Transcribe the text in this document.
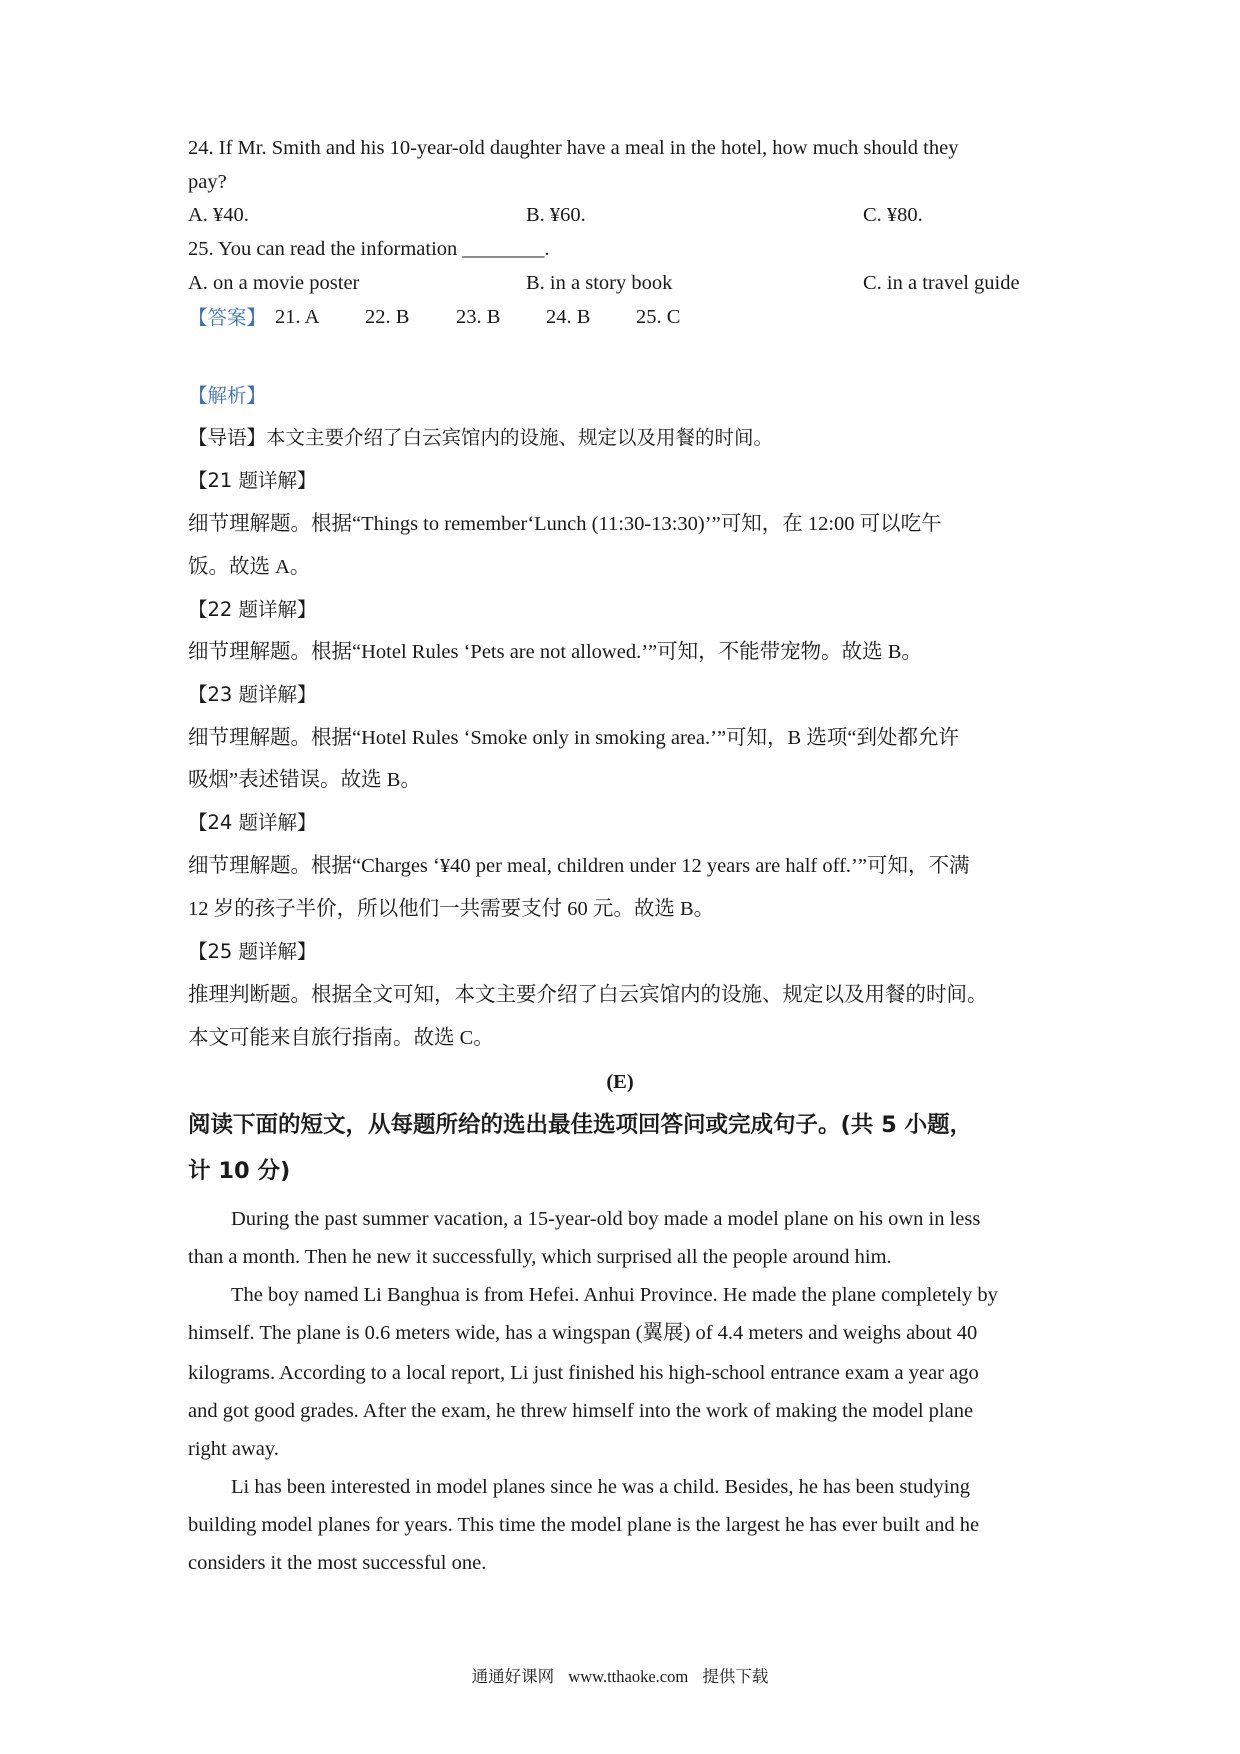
24. If Mr. Smith and his 10-year-old daughter have a meal in the hotel, how much should they
pay?
A. ¥40.	B. ¥60.	C. ¥80.
25. You can read the information ________.
A. on a movie poster	B. in a story book	C. in a travel guide
【答案】 21. A 22. B 23. B 24. B 25. C
【解析】
【导语】本文主要介绍了白云宾馆内的设施、规定以及用餐的时间。
【21 题详解】
细节理解题。根据“Things to remember‘Lunch (11:30-13:30)’”可知，在 12:00 可以吃午
饭。故选 A。
【22 题详解】
细节理解题。根据“Hotel Rules ‘Pets are not allowed.’”可知，不能带宠物。故选 B。
【23 题详解】
细节理解题。根据“Hotel Rules ‘Smoke only in smoking area.’”可知，B 选项“到处都允许
吸烟”表述错误。故选 B。
【24 题详解】
细节理解题。根据“Charges ‘¥40 per meal, children under 12 years are half off.’”可知，不满
12 岁的孩子半价，所以他们一共需要支付 60 元。故选 B。
【25 题详解】
推理判断题。根据全文可知，本文主要介绍了白云宾馆内的设施、规定以及用餐的时间。
本文可能来自旅行指南。故选 C。
(E)
阅读下面的短文，从每题所给的选出最佳选项回答问或完成句子。(共 5 小题，
计 10 分)
During the past summer vacation, a 15-year-old boy made a model plane on his own in less
than a month. Then he new it successfully, which surprised all the people around him.
The boy named Li Banghua is from Hefei. Anhui Province. He made the plane completely by
himself. The plane is 0.6 meters wide, has a wingspan (翼展) of 4.4 meters and weighs about 40
kilograms. According to a local report, Li just finished his high-school entrance exam a year ago
and got good grades. After the exam, he threw himself into the work of making the model plane
right away.
Li has been interested in model planes since he was a child. Besides, he has been studying
building model planes for years. This time the model plane is the largest he has ever built and he
considers it the most successful one.
通通好课网 www.tthaoke.com 提供下载
